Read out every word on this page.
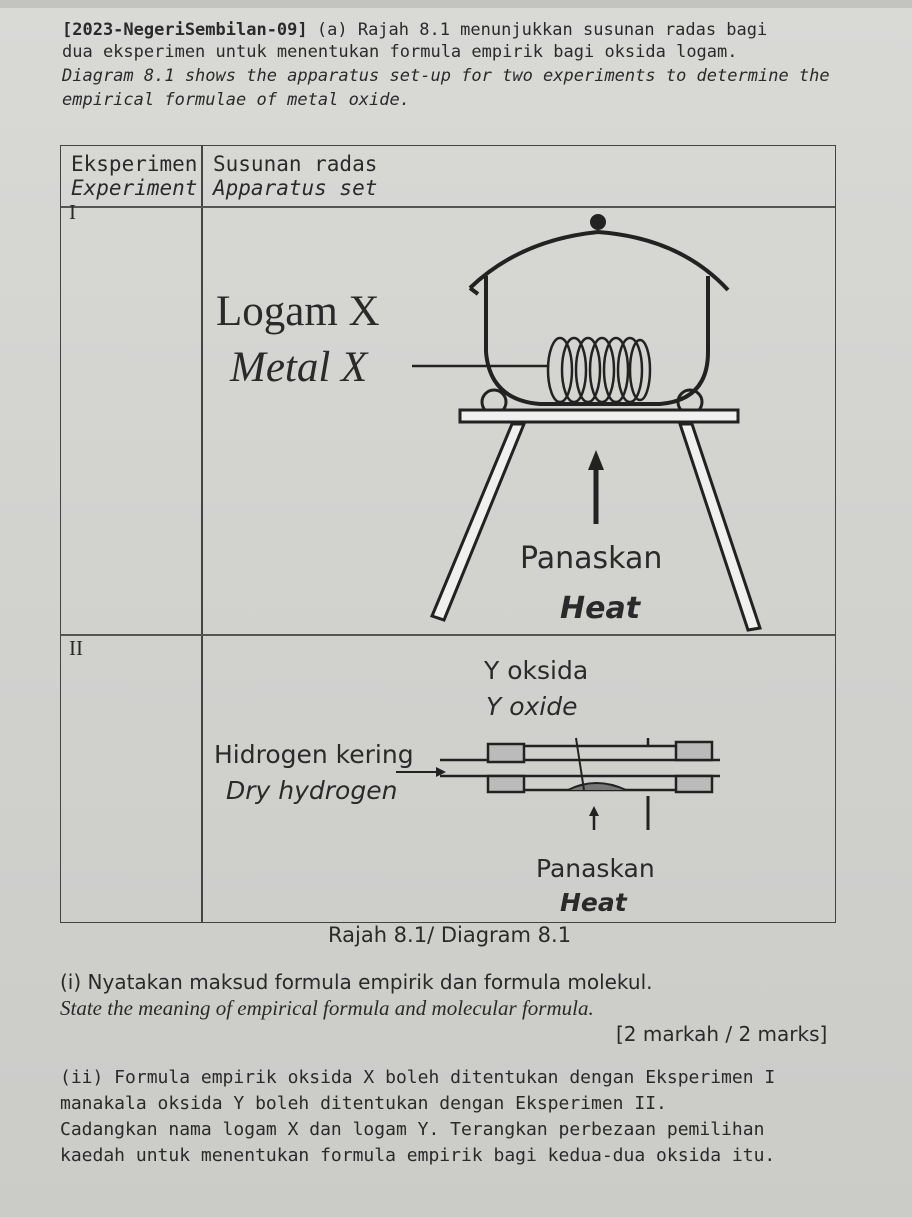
[2023-NegeriSembilan-09] (a) Rajah 8.1 menunjukkan susunan radas bagi
dua eksperimen untuk menentukan formula empirik bagi oksida logam.
Diagram 8.1 shows the apparatus set-up for two experiments to determine the
empirical formulae of metal oxide.
Eksperimen
Experiment
Susunan radas
Apparatus set
I
II
Logam X
Metal X
Panaskan
Heat
Y oksida
Y oxide
Hidrogen kering
Dry hydrogen
Panaskan
Heat
Rajah 8.1/ Diagram 8.1
(i) Nyatakan maksud formula empirik dan formula molekul.
State the meaning of empirical formula and molecular formula.
[2 markah / 2 marks]
(ii) Formula empirik oksida X boleh ditentukan dengan Eksperimen I
manakala oksida Y boleh ditentukan dengan Eksperimen II.
Cadangkan nama logam X dan logam Y. Terangkan perbezaan pemilihan
kaedah untuk menentukan formula empirik bagi kedua-dua oksida itu.
